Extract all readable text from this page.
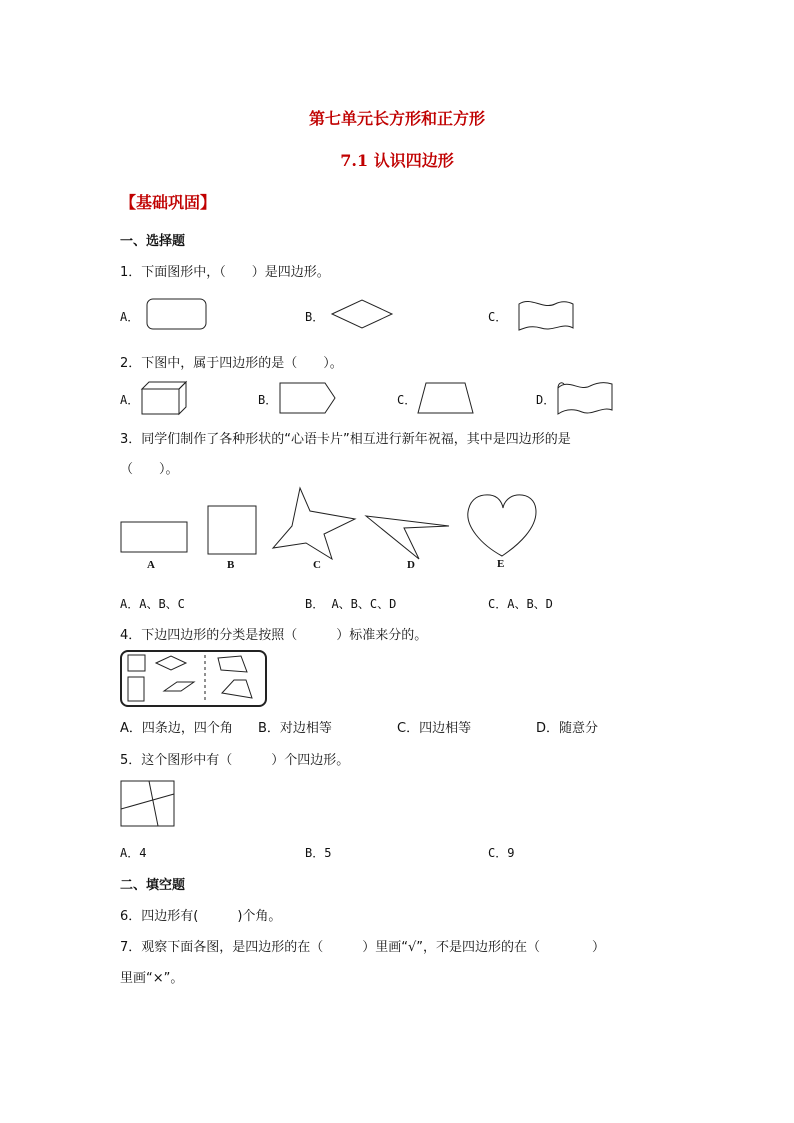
第七单元长方形和正方形
7.1 认识四边形
【基础巩固】
一、选择题
1．下面图形中，（　　）是四边形。
A．	B．	C．
2．下图中，属于四边形的是（　　）。
A．	B．	C．	D．
3．同学们制作了各种形状的“心语卡片”相互进行新年祝福，其中是四边形的是
（　　）。
A	B	C	D	E
A．A、B、C	B． A、B、C、D	C．A、B、D
4．下边四边形的分类是按照（　　　）标准来分的。
A．四条边，四个角 B．对边相等	C．四边相等	D．随意分
5．这个图形中有（　　　）个四边形。
A．4	B．5	C．9
二、填空题
6．四边形有(　　　)个角。
7．观察下面各图，是四边形的在（　　　）里画“√”，不是四边形的在（　　　　）
里画“×”。
